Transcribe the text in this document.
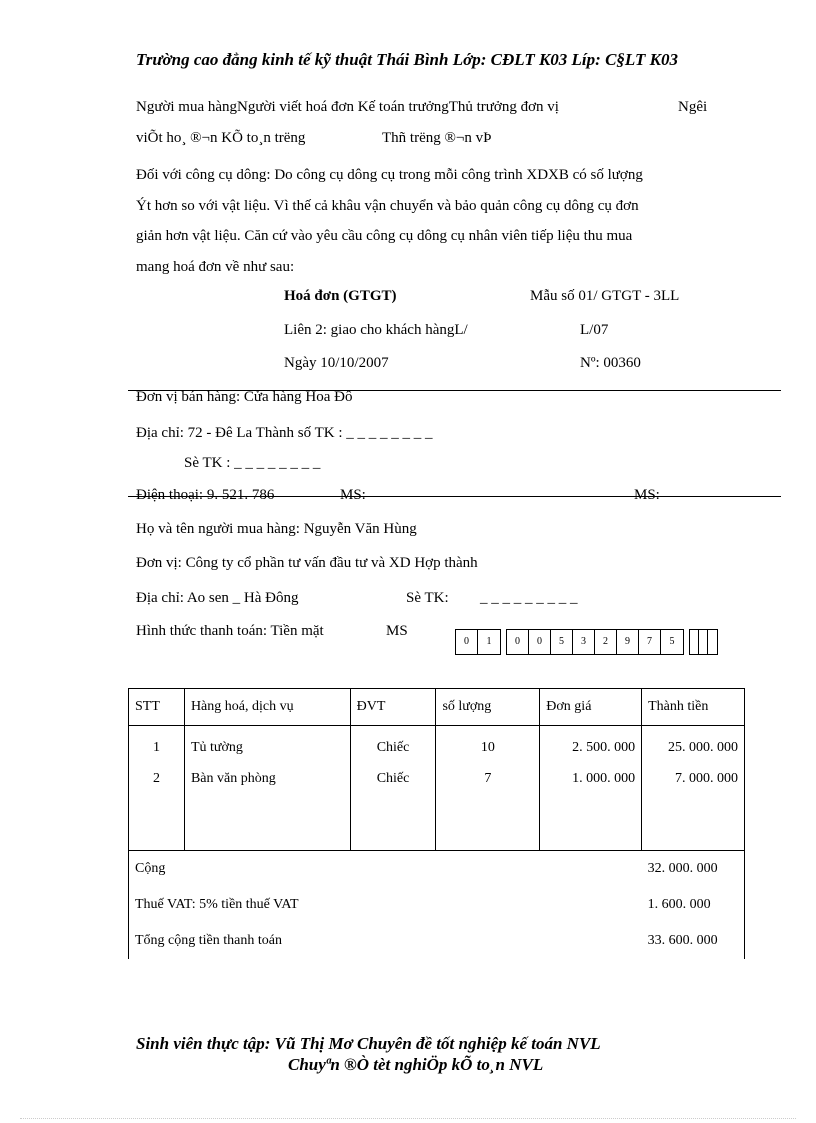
Trường cao đẳng kinh tế kỹ thuật Thái Bình Lớp: CĐLT K03 Líp: C§LT K03
Người mua hàngNgười viết hoá đơn Kế toán trưởngThủ trưởng đơn vị	Ngêi
viÕt ho¸ ®¬n KÕ to¸n trëng	Thñ trëng ®¬n vÞ
Đối với công cụ dông: Do công cụ dông cụ trong mỗi công trình XDXB có số lượng
Ýt hơn so với vật liệu. Vì thế cả khâu vận chuyển và bảo quản công cụ dông cụ đơn
giản hơn vật liệu. Căn cứ vào yêu cầu công cụ dông cụ nhân viên tiếp liệu thu mua
mang hoá đơn về như sau:
Hoá đơn (GTGT)	Mẫu số 01/ GTGT - 3LL
Liên 2: giao cho khách hàngL/	L/07
Ngày 10/10/2007	Nº: 00360
Đơn vị bán hàng: Cửa hàng Hoa Đô
Địa chỉ: 72 - Đê La Thành số TK : _ _ _ _ _ _ _ _
Sè TK : _ _ _ _ _ _ _ _
Điện thoại: 9. 521. 786	MS:	MS:
Họ và tên người mua hàng: Nguyễn Văn Hùng
Đơn vị: Công ty cổ phần tư vấn đầu tư và XD Hợp thành
Địa chỉ: Ao sen _ Hà Đông	Sè TK: _ _ _ _ _ _ _ _ _
Hình thức thanh toán: Tiền mặt	MS
0	1	0	0	5	3	2	9	7	5
STT	Hàng hoá, dịch vụ	ĐVT	số lượng	Đơn giá	Thành tiền
1	Tủ tường	Chiếc	10	2. 500. 000	25. 000. 000
2	Bàn văn phòng	Chiếc	7	1. 000. 000	7. 000. 000

Cộng					32. 000. 000
Thuế VAT: 5% tiền thuế VAT					1. 600. 000
Tổng cộng tiền thanh toán					33. 600. 000
Sinh viên thực tập: Vũ Thị Mơ Chuyên đề tốt nghiệp kế toán NVL
Chuyªn ®Ò tèt nghiÖp kÕ to¸n NVL
